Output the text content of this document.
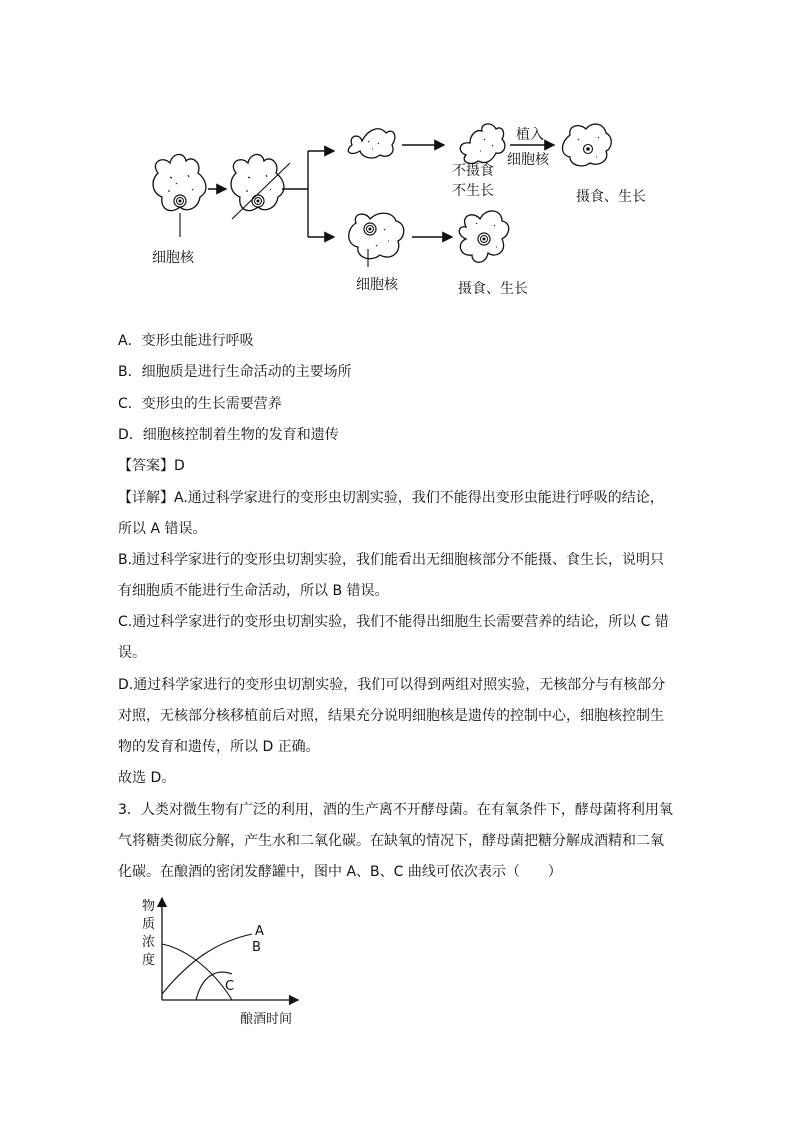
细胞核
细胞核
不摄食
不生长
植入
细胞核
摄食、生长
摄食、生长
A．变形虫能进行呼吸
B．细胞质是进行生命活动的主要场所
C．变形虫的生长需要营养
D．细胞核控制着生物的发育和遗传
【答案】D
【详解】A.通过科学家进行的变形虫切割实验，我们不能得出变形虫能进行呼吸的结论，
所以 A 错误。
B.通过科学家进行的变形虫切割实验，我们能看出无细胞核部分不能摄、食生长，说明只
有细胞质不能进行生命活动，所以 B 错误。
C.通过科学家进行的变形虫切割实验，我们不能得出细胞生长需要营养的结论，所以 C 错
误。
D.通过科学家进行的变形虫切割实验，我们可以得到两组对照实验，无核部分与有核部分
对照，无核部分核移植前后对照，结果充分说明细胞核是遗传的控制中心，细胞核控制生
物的发育和遗传，所以 D 正确。
故选 D。
3．人类对微生物有广泛的利用，酒的生产离不开酵母菌。在有氧条件下，酵母菌将利用氧
气将糖类彻底分解，产生水和二氧化碳。在缺氧的情况下，酵母菌把糖分解成酒精和二氧
化碳。在酿酒的密闭发酵罐中，图中 A、B、C 曲线可依次表示（　　）
物
质
浓
度
A
B
C
酿酒时间
